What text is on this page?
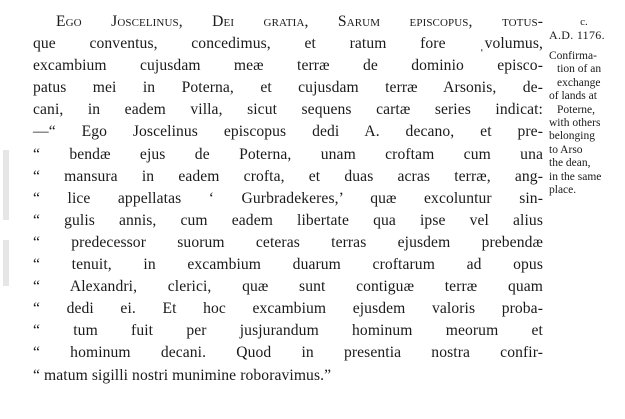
Ego Joscelinus, Dei gratia, Sarum episcopus, totus-
que conventus, concedimus, et ratum fore ˌvolumus,
excambium cujusdam meæ terræ de dominio episco-
patus mei in Poterna, et cujusdam terræ Arsonis, de-
cani, in eadem villa, sicut sequens cartæ series indicat:
—“ Ego Joscelinus episcopus dedi A. decano, et pre-
“ bendæ ejus de Poterna, unam croftam cum una
“ mansura in eadem crofta, et duas acras terræ, ang-
“ lice appellatas ‘ Gurbradekeres,’ quæ excoluntur sin-
“ gulis annis, cum eadem libertate qua ipse vel alius
“ predecessor suorum ceteras terras ejusdem prebendæ
“ tenuit, in excambium duarum croftarum ad opus
“ Alexandri, clerici, quæ sunt contiguæ terræ quam
“ dedi ei. Et hoc excambium ejusdem valoris proba-
“ tum fuit per jusjurandum hominum meorum et
“ hominum decani. Quod in presentia nostra confir-
“ matum sigilli nostri munimine roboravimus.”
c.
A.D. 1176.
Confirma-
tion of an
exchange
of lands at
Poterne,
with others
belonging
to Arso
the dean,
in the same
place.
